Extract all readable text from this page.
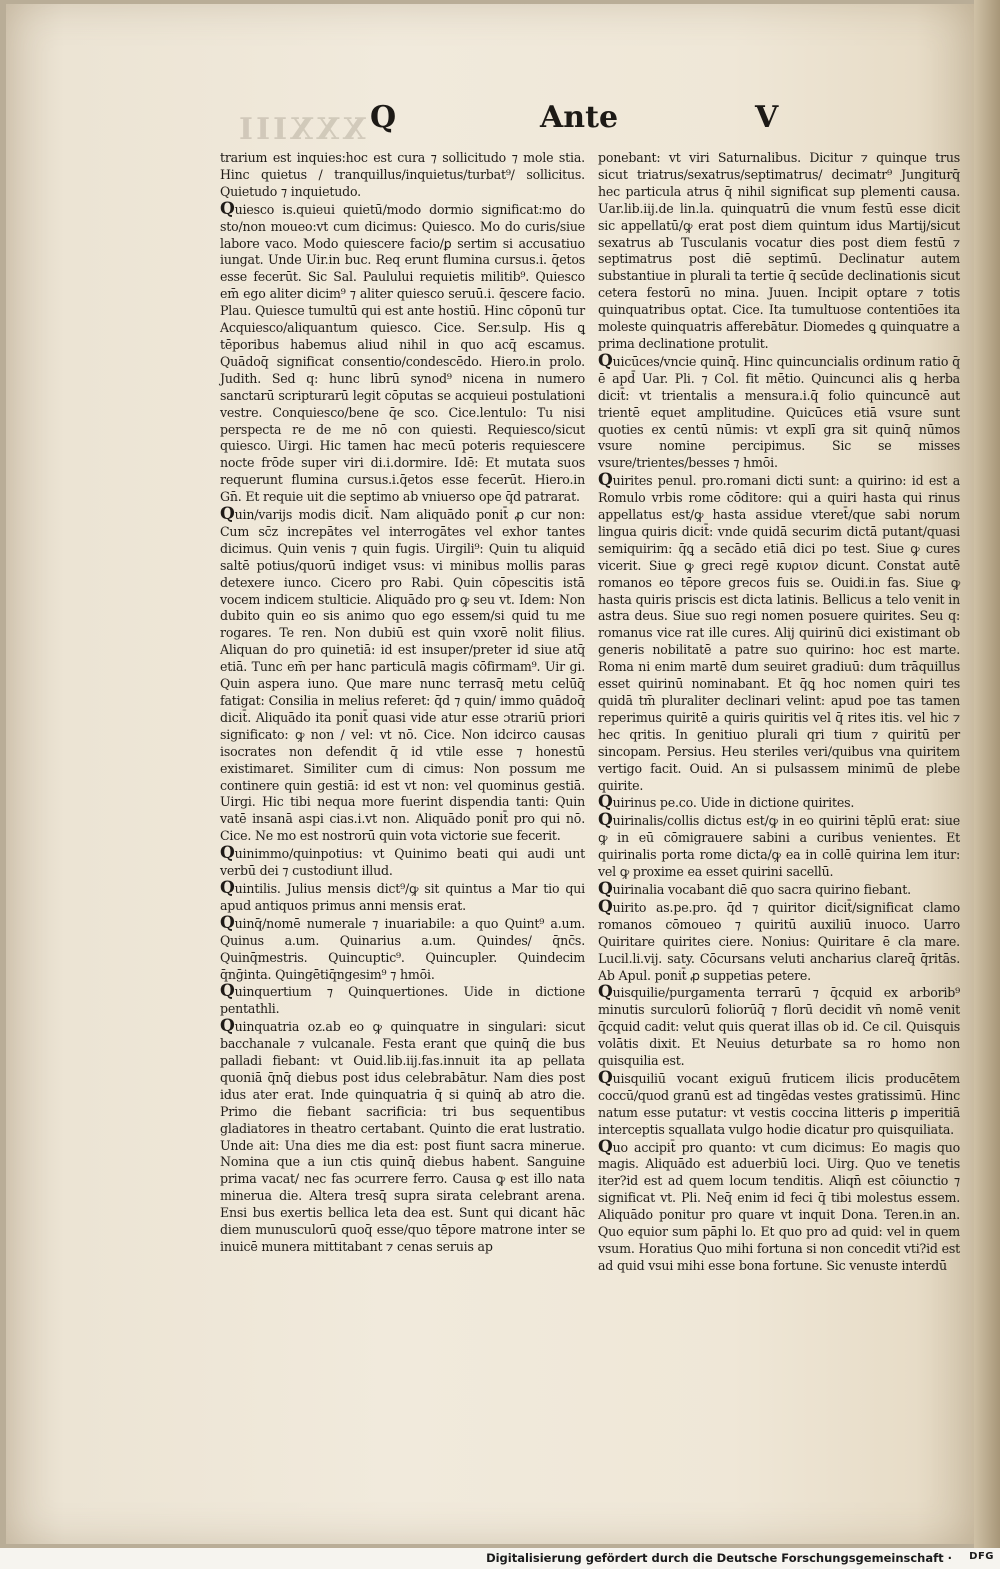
XXXIII Q	Ante	V

trarium est inquies:hoc est cura ⁊ sollicitudo ⁊ mole stia. Hinc quietus / tranquillus/inquietus/turbat⁹/ sollicitus. Quietudo ⁊ inquietudo.

Quiesco is.quieui quietū/modo dormio significat:mo do sto/non moueo:vt cum dicimus: Quiesco. Mo do curis/siue labore vaco. Modo quiescere facio/ꝑ sertim si accusatiuo iungat. Unde Uir.in buc. Req erunt flumina cursus.i. q̄etos esse fecerūt. Sic Sal. Paulului requietis militib⁹. Quiesco em̄ ego aliter dicim⁹ ⁊ aliter quiesco seruū.i. q̄escere facio. Plau. Quiesce tumultū qui est ante hostiū. Hinc cōponū tur Acquiesco/aliquantum quiesco. Cice. Ser.sulp. His ꝗ tēporibus habemus aliud nihil in quo acq̄ escamus. Quādoq̄ significat consentio/condescēdo. Hiero.in prolo. Judith. Sed q: hunc librū synod⁹ nicena in numero sanctarū scripturarū legit cōputas se acquieui postulationi vestre. Conquiesco/bene q̄e sco. Cice.lentulo: Tu nisi perspecta re de me nō con quiesti. Requiesco/sicut quiesco. Uirgi. Hic tamen hac mecū poteris requiescere nocte frōde super viri di.i.dormire. Idē: Et mutata suos requerunt flumina cursus.i.q̄etos esse fecerūt. Hiero.in Gn̄. Et requie uit die septimo ab vniuerso ope q̄d patrarat.

Quin/varijs modis dicit̄. Nam aliquādo ponit̄ ꝓ cur non: Cum sc̄z increpātes vel interrogātes vel exhor tantes dicimus. Quin venis ⁊ quin fugis. Uirgili⁹: Quin tu aliquid saltē potius/quorū indiget vsus: vi minibus mollis paras detexere iunco. Cicero pro Rabi. Quin cōpescitis istā vocem indicem stulticie. Aliquādo pro ꝙ seu vt. Idem: Non dubito quin eo sis animo quo ego essem/si quid tu me rogares. Te ren. Non dubiū est quin vxorē nolit filius. Aliquan do pro quinetiā: id est insuper/preter id siue atq̄ etiā. Tunc em̄ per hanc particulā magis cōfirmam⁹. Uir gi. Quin aspera iuno. Que mare nunc terrasq̄ metu celūq̄ fatigat: Consilia in melius referet: q̄d ⁊ quin/ immo quādoq̄ dicit̄. Aliquādo ita ponit̄ quasi vide atur esse ɔtrariū priori significato: ꝙ non / vel: vt nō. Cice. Non idcirco causas isocrates non defendit q̄ id vtile esse ⁊ honestū existimaret. Similiter cum di cimus: Non possum me continere quin gestiā: id est vt non: vel quominus gestiā. Uirgi. Hic tibi nequa more fuerint dispendia tanti: Quin vatē insanā aspi cias.i.vt non. Aliquādo ponit̄ pro qui nō. Cice. Ne mo est nostrorū quin vota victorie sue fecerit.

Quinimmo/quinpotius: vt Quinimo beati qui audi unt verbū dei ⁊ custodiunt illud.

Quintilis. Julius mensis dict⁹/ꝙ sit quintus a Mar tio qui apud antiquos primus anni mensis erat.

Quinq̄/nomē numerale ⁊ inuariabile: a quo Quint⁹ a.um. Quinus a.um. Quinarius a.um. Quindes/ q̄nc̄s. Quinq̄mestris. Quincuptic⁹. Quincupler. Quindecim q̄nḡinta. Quingētiq̄ngesim⁹ ⁊ hmōi.

Quinquertium ⁊ Quinquertiones. Uide in dictione pentathli.

Quinquatria oz.ab eo ꝙ quinquatre in singulari: sicut bacchanale ⁊ vulcanale. Festa erant que quinq̄ die bus palladi fiebant: vt Ouid.lib.iij.fas.innuit ita ap pellata quoniā q̄nq̄ diebus post idus celebrabātur. Nam dies post idus ater erat. Inde quinquatria q̄ si quinq̄ ab atro die. Primo die fiebant sacrificia: tri bus sequentibus gladiatores in theatro certabant. Quinto die erat lustratio. Unde ait: Una dies me dia est: post fiunt sacra minerue. Nomina que a iun ctis quinq̄ diebus habent. Sanguine prima vacat/ nec fas ɔcurrere ferro. Causa ꝙ est illo nata minerua die. Altera tresq̄ supra sirata celebrant arena. Ensi bus exertis bellica leta dea est. Sunt qui dicant hāc diem munusculorū quoq̄ esse/quo tēpore matrone inter se inuicē munera mittitabant ⁊ cenas seruis ap

ponebant: vt viri Saturnalibus. Dicitur ⁊ quinque trus sicut triatrus/sexatrus/septimatrus/ decimatr⁹ Jungiturq̄ hec particula atrus q̄ nihil significat sup plementi causa. Uar.lib.iij.de lin.la. quinquatrū die vnum festū esse dicit sic appellatū/ꝙ erat post diem quintum idus Martij/sicut sexatrus ab Tusculanis vocatur dies post diem festū ⁊ septimatrus post diē septimū. Declinatur autem substantiue in plurali ta tertie q̄ secūde declinationis sicut cetera festorū no mina. Juuen. Incipit optare ⁊ totis quinquatribus optat. Cice. Ita tumultuose contentiōes ita moleste quinquatris afferebātur. Diomedes ꝗ quinquatre a prima declinatione protulit.

Quicūces/vncie quinq̄. Hinc quincuncialis ordinum ratio q̄ ē apd̄ Uar. Pli. ⁊ Col. fit mētio. Quincunci alis ꝗ herba dicit̄: vt trientalis a mensura.i.q̄ folio quincuncē aut trientē equet amplitudine. Quicūces etiā vsure sunt quoties ex centū nūmis: vt explī gra sit quinq̄ nūmos vsure nomine percipimus. Sic se misses vsure/trientes/besses ⁊ hmōi.

Quirites penul. pro.romani dicti sunt: a quirino: id est a Romulo vrbis rome cōditore: qui a quiri hasta qui rinus appellatus est/ꝙ hasta assidue vteret̄/que sabi norum lingua quiris dicit̄: vnde quidā securim dictā putant/quasi semiquirim: q̄ꝗ a secādo etiā dici po test. Siue ꝙ cures vicerit. Siue ꝙ greci regē κυριον dicunt. Constat autē romanos eo tēpore grecos fuis se. Ouidi.in fas. Siue ꝙ hasta quiris priscis est dicta latinis. Bellicus a telo venit in astra deus. Siue suo regi nomen posuere quirites. Seu q: romanus vice rat ille cures. Alij quirinū dici existimant ob generis nobilitatē a patre suo quirino: hoc est marte. Roma ni enim martē dum seuiret gradiuū: dum trāquillus esset quirinū nominabant. Et q̄ꝗ hoc nomen quiri tes quidā tm̄ pluraliter declinari velint: apud poe tas tamen reperimus quiritē a quiris quiritis vel q̄ rites itis. vel hic ⁊ hec qritis. In genitiuo plurali qri tium ⁊ quiritū per sincopam. Persius. Heu steriles veri/quibus vna quiritem vertigo facit. Ouid. An si pulsassem minimū de plebe quirite.

Quirinus pe.co. Uide in dictione quirites.

Quirinalis/collis dictus est/ꝙ in eo quirini tēplū erat: siue ꝙ in eū cōmigrauere sabini a curibus venientes. Et quirinalis porta rome dicta/ꝙ ea in collē quirina lem itur: vel ꝙ proxime ea esset quirini sacellū.

Quirinalia vocabant diē quo sacra quirino fiebant.

Quirito as.pe.pro. q̄d ⁊ quiritor dicit̄/significat clamo romanos cōmoueo ⁊ quiritū auxiliū inuoco. Uarro Quiritare quirites ciere. Nonius: Quiritare ē cla mare. Lucil.li.vij. saty. Cōcursans veluti ancharius clareq̄ q̄ritās. Ab Apul. ponit̄ ꝓ suppetias petere.

Quisquilie/purgamenta terrarū ⁊ q̄cquid ex arborib⁹ minutis surculorū foliorūq̄ ⁊ florū decidit vn̄ nomē venit q̄cquid cadit: velut quis querat illas ob id. Ce cil. Quisquis volātis dixit. Et Neuius deturbate sa ro homo non quisquilia est.

Quisquiliū vocant exiguū fruticem ilicis producētem coccū/quod granū est ad tingēdas vestes gratissimū. Hinc natum esse putatur: vt vestis coccina litteris ꝑ imperitiā interceptis squallata vulgo hodie dicatur pro quisquiliata.

Quo accipit̄ pro quanto: vt cum dicimus: Eo magis quo magis. Aliquādo est aduerbiū loci. Uirg. Quo ve tenetis iter?id est ad quem locum tenditis. Aliqn̄ est cōiunctio ⁊ significat vt. Pli. Neq̄ enim id feci q̄ tibi molestus essem. Aliquādo ponitur pro quare vt inquit Dona. Teren.in an. Quo equior sum pāphi lo. Et quo pro ad quid: vel in quem vsum. Horatius Quo mihi fortuna si non concedit vti?id est ad quid vsui mihi esse bona fortune. Sic venuste interdū

Digitalisierung gefördert durch die Deutsche Forschungsgemeinschaft · DFG
